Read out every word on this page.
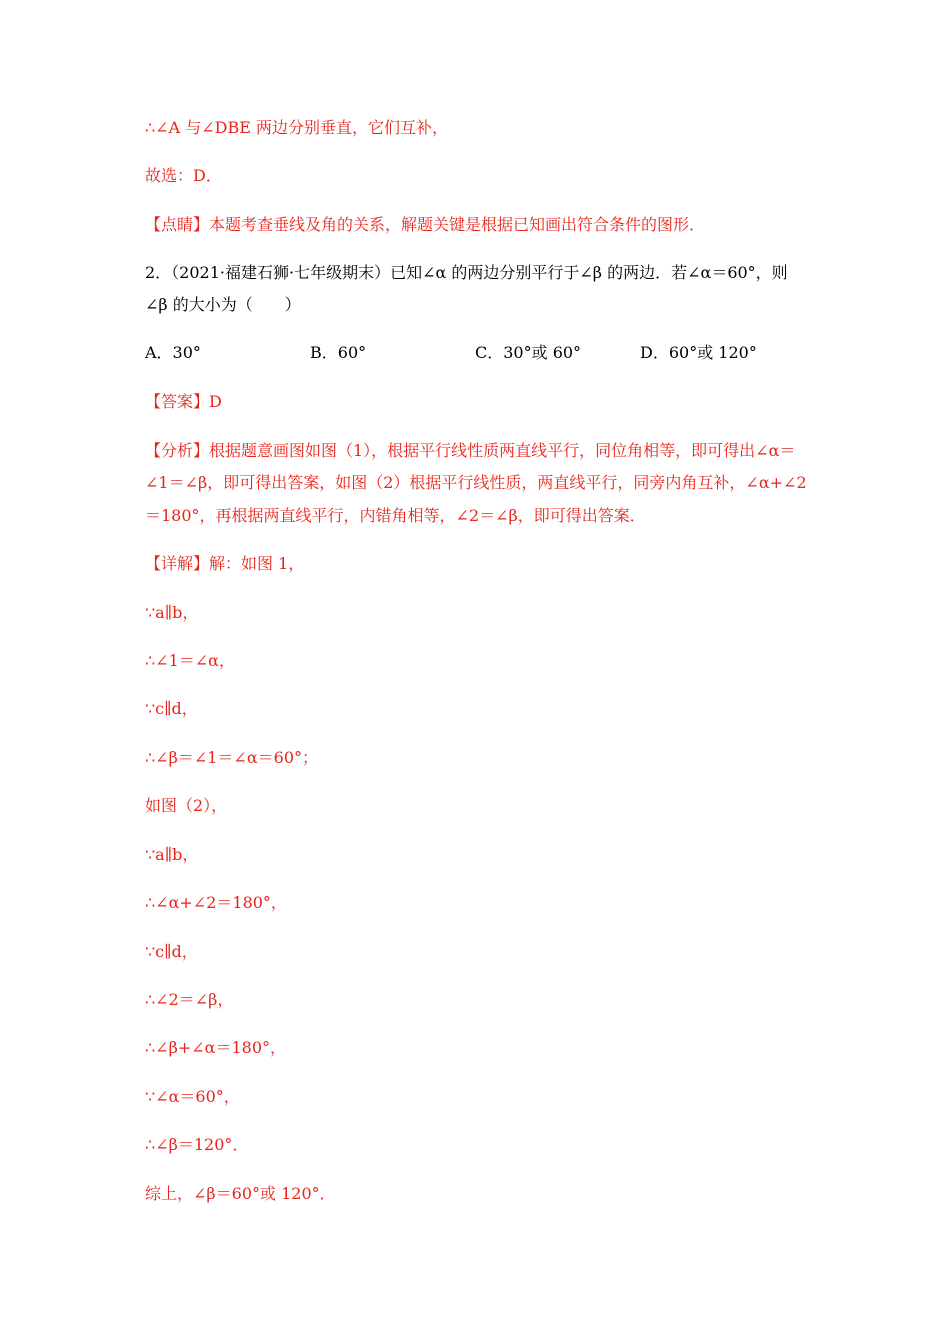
∴∠A 与∠DBE 两边分别垂直，它们互补，
故选：D．
【点睛】本题考查垂线及角的关系，解题关键是根据已知画出符合条件的图形．
2．（2021·福建石狮·七年级期末）已知∠α 的两边分别平行于∠β 的两边．若∠α＝60°，则
∠β 的大小为（　　）
A．30°	B．60°	C．30°或 60°	D．60°或 120°
【答案】D
【分析】根据题意画图如图（1），根据平行线性质两直线平行，同位角相等，即可得出∠α＝
∠1＝∠β，即可得出答案，如图（2）根据平行线性质，两直线平行，同旁内角互补，∠α+∠2
＝180°，再根据两直线平行，内错角相等，∠2＝∠β，即可得出答案．
【详解】解：如图 1，
∵a∥b，
∴∠1＝∠α，
∵c∥d，
∴∠β＝∠1＝∠α＝60°；
如图（2），
∵a∥b，
∴∠α+∠2＝180°，
∵c∥d，
∴∠2＝∠β，
∴∠β+∠α＝180°，
∵∠α＝60°，
∴∠β＝120°．
综上，∠β＝60°或 120°．
